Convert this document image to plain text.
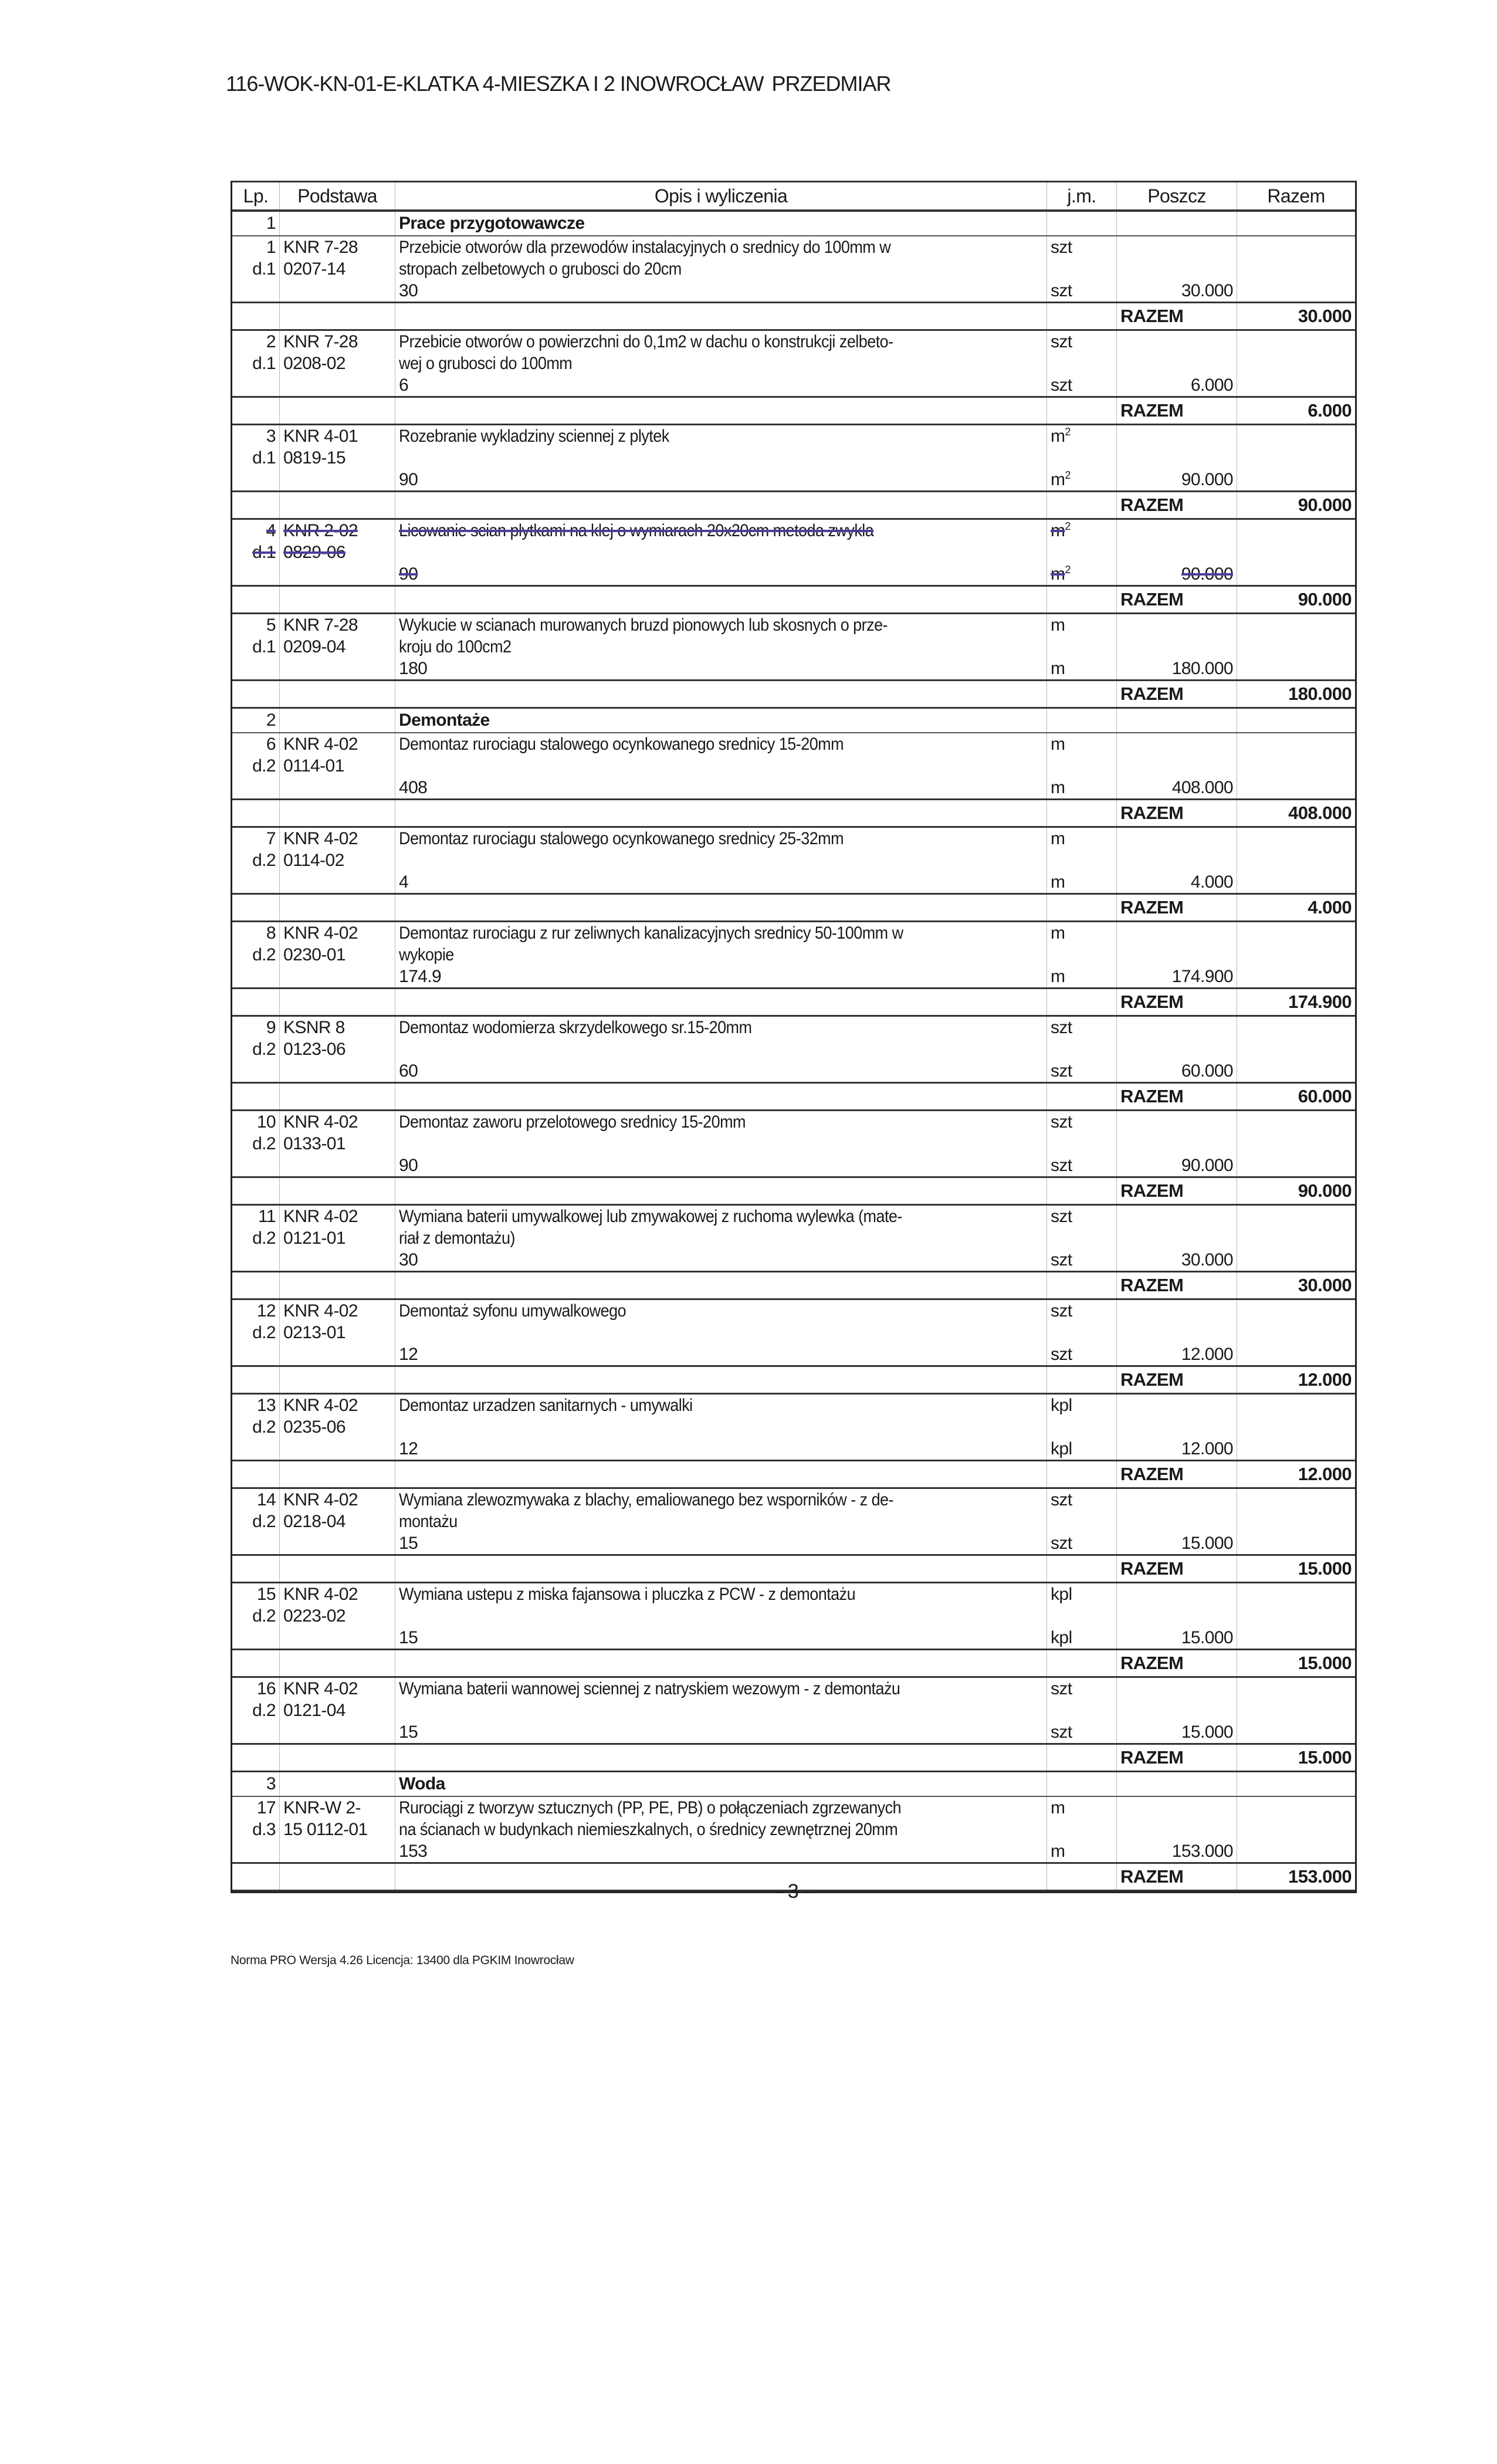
116-WOK-KN-01-E-KLATKA 4-MIESZKA I 2 INOWROCŁAW PRZEDMIAR
Lp.	Podstawa	Opis i wyliczenia	j.m.	Poszcz	Razem
1	Prace przygotowawcze
1 KNR 7-28	Przebicie otworów dla przewodów instalacyjnych o srednicy do 100mm w	szt
d.1 0207-14	stropach zelbetowych o grubosci do 20cm
30	szt	30.000
RAZEM	30.000
2 KNR 7-28	Przebicie otworów o powierzchni do 0,1m2 w dachu o konstrukcji zelbeto-	szt
d.1 0208-02	wej o grubosci do 100mm
6	szt	6.000
RAZEM	6.000
3 KNR 4-01	Rozebranie wykladziny sciennej z plytek	$m^2$
d.1 0819-15
90	$m^2$	90.000
RAZEM	90.000
4 KNR 2-02	Licowanie scian plytkami na klej o wymiarach 20x20cm metoda zwykla	$m^2$
d.1 0829-06
90	$m^2$	90.000
RAZEM	90.000
5 KNR 7-28	Wykucie w scianach murowanych bruzd pionowych lub skosnych o prze-	m
d.1 0209-04	kroju do 100cm2
180	m	180.000
RAZEM	180.000
2	Demontaże
6 KNR 4-02	Demontaz rurociagu stalowego ocynkowanego srednicy 15-20mm	m
d.2 0114-01
408	m	408.000
RAZEM	408.000
7 KNR 4-02	Demontaz rurociagu stalowego ocynkowanego srednicy 25-32mm	m
d.2 0114-02
4	m	4.000
RAZEM	4.000
8 KNR 4-02	Demontaz rurociagu z rur zeliwnych kanalizacyjnych srednicy 50-100mm w	m
d.2 0230-01	wykopie
174.9	m	174.900
RAZEM	174.900
9 KSNR 8	Demontaz wodomierza skrzydelkowego sr.15-20mm	szt
d.2 0123-06
60	szt	60.000
RAZEM	60.000
10 KNR 4-02	Demontaz zaworu przelotowego srednicy 15-20mm	szt
d.2 0133-01
90	szt	90.000
RAZEM	90.000
11 KNR 4-02	Wymiana baterii umywalkowej lub zmywakowej z ruchoma wylewka (mate-	szt
d.2 0121-01	riał z demontażu)
30	szt	30.000
RAZEM	30.000
12 KNR 4-02	Demontaż syfonu umywalkowego	szt
d.2 0213-01
12	szt	12.000
RAZEM	12.000
13 KNR 4-02	Demontaz urzadzen sanitarnych - umywalki	kpl
d.2 0235-06
12	kpl	12.000
RAZEM	12.000
14 KNR 4-02	Wymiana zlewozmywaka z blachy, emaliowanego bez wsporników - z de-	szt
d.2 0218-04	montażu
15	szt	15.000
RAZEM	15.000
15 KNR 4-02	Wymiana ustepu z miska fajansowa i pluczka z PCW - z demontażu	kpl
d.2 0223-02
15	kpl	15.000
RAZEM	15.000
16 KNR 4-02	Wymiana baterii wannowej sciennej z natryskiem wezowym - z demontażu	szt
d.2 0121-04
15	szt	15.000
RAZEM	15.000
3	Woda
17 KNR-W 2-	Rurociągi z tworzyw sztucznych (PP, PE, PB) o połączeniach zgrzewanych	m
d.3 15 0112-01	na ścianach w budynkach niemieszkalnych, o średnicy zewnętrznej 20mm
153	m	153.000
RAZEM	153.000
- 3 -
Norma PRO Wersja 4.26 Licencja: 13400 dla PGKIM Inowrocław
